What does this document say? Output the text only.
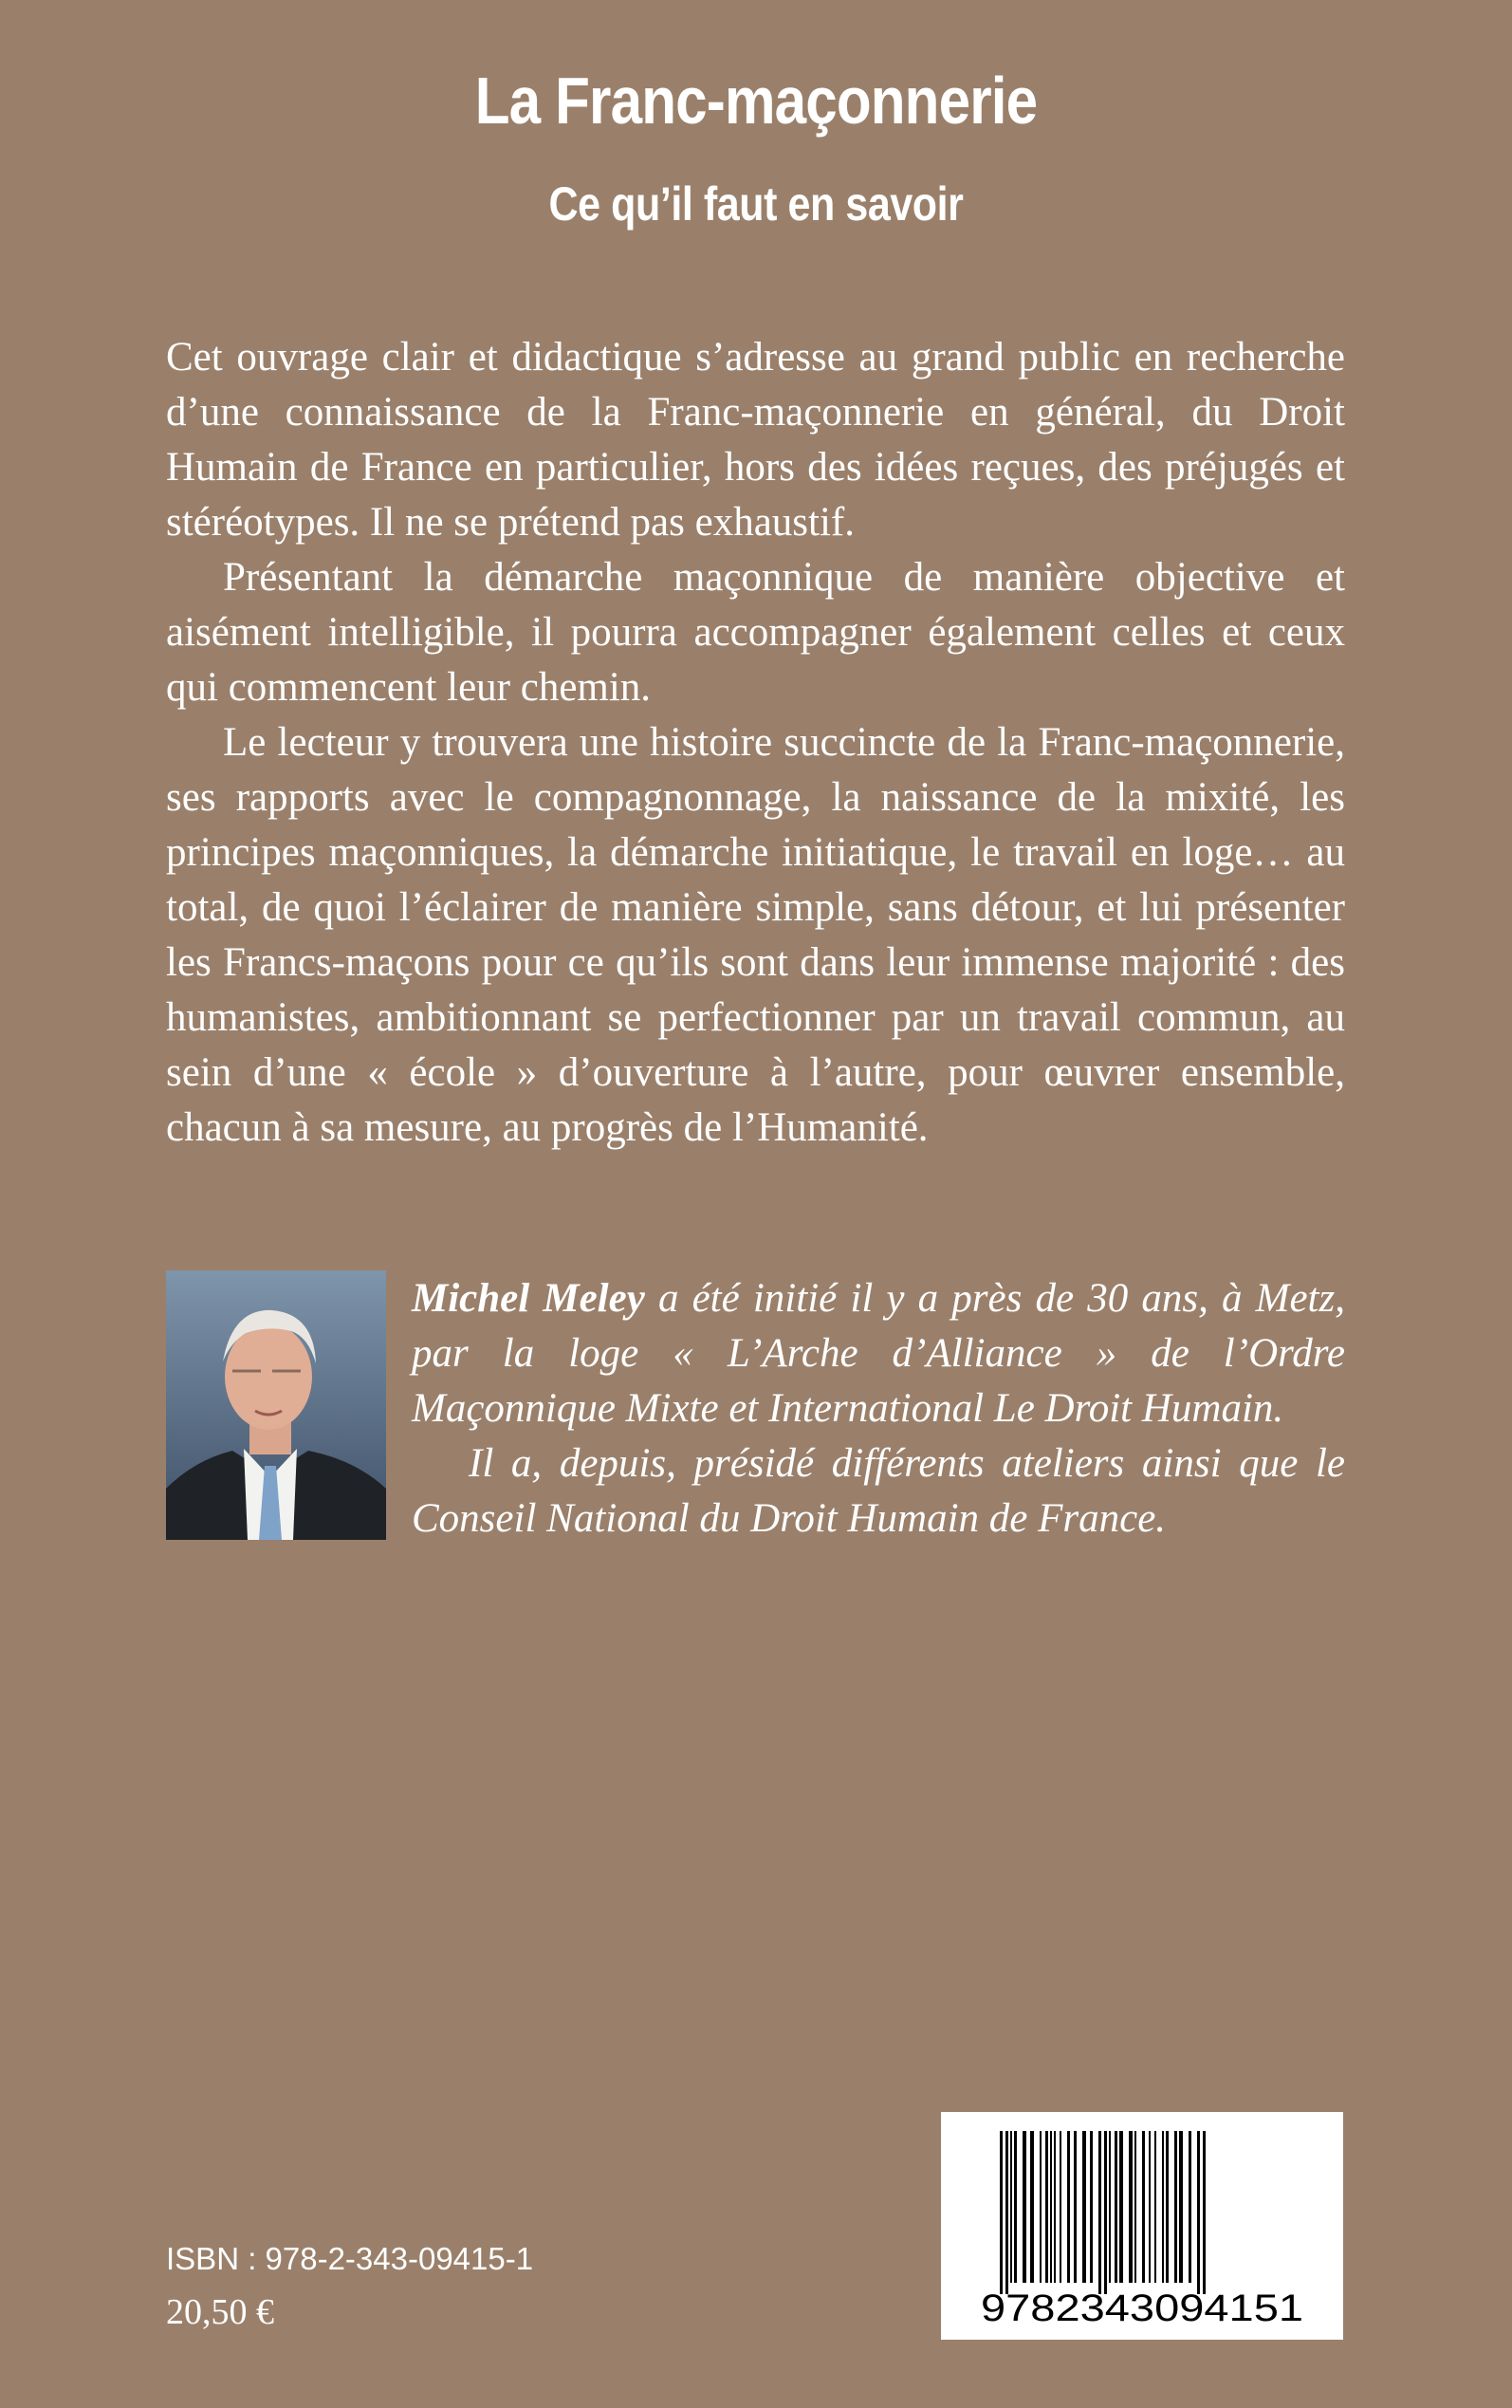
La Franc-maçonnerie
Ce qu’il faut en savoir

Cet ouvrage clair et didactique s’adresse au grand public en recherche d’une connaissance de la Franc-maçonnerie en général, du Droit Humain de France en particulier, hors des idées reçues, des préjugés et stéréotypes. Il ne se prétend pas exhaustif.

Présentant la démarche maçonnique de manière objective et aisément intelligible, il pourra accompagner également celles et ceux qui commencent leur chemin.

Le lecteur y trouvera une histoire succincte de la Franc-maçonnerie, ses rapports avec le compagnonnage, la naissance de la mixité, les principes maçonniques, la démarche initiatique, le travail en loge… au total, de quoi l’éclairer de manière simple, sans détour, et lui présenter les Francs-maçons pour ce qu’ils sont dans leur immense majorité : des humanistes, ambitionnant se perfectionner par un travail commun, au sein d’une « école » d’ouverture à l’autre, pour œuvrer ensemble, chacun à sa mesure, au progrès de l’Humanité.

Michel Meley a été initié il y a près de 30 ans, à Metz, par la loge « L’Arche d’Alliance » de l’Ordre Maçonnique Mixte et International Le Droit Humain.

Il a, depuis, présidé différents ateliers ainsi que le Conseil National du Droit Humain de France.

ISBN : 978-2-343-09415-1
20,50 €	9782343094151
